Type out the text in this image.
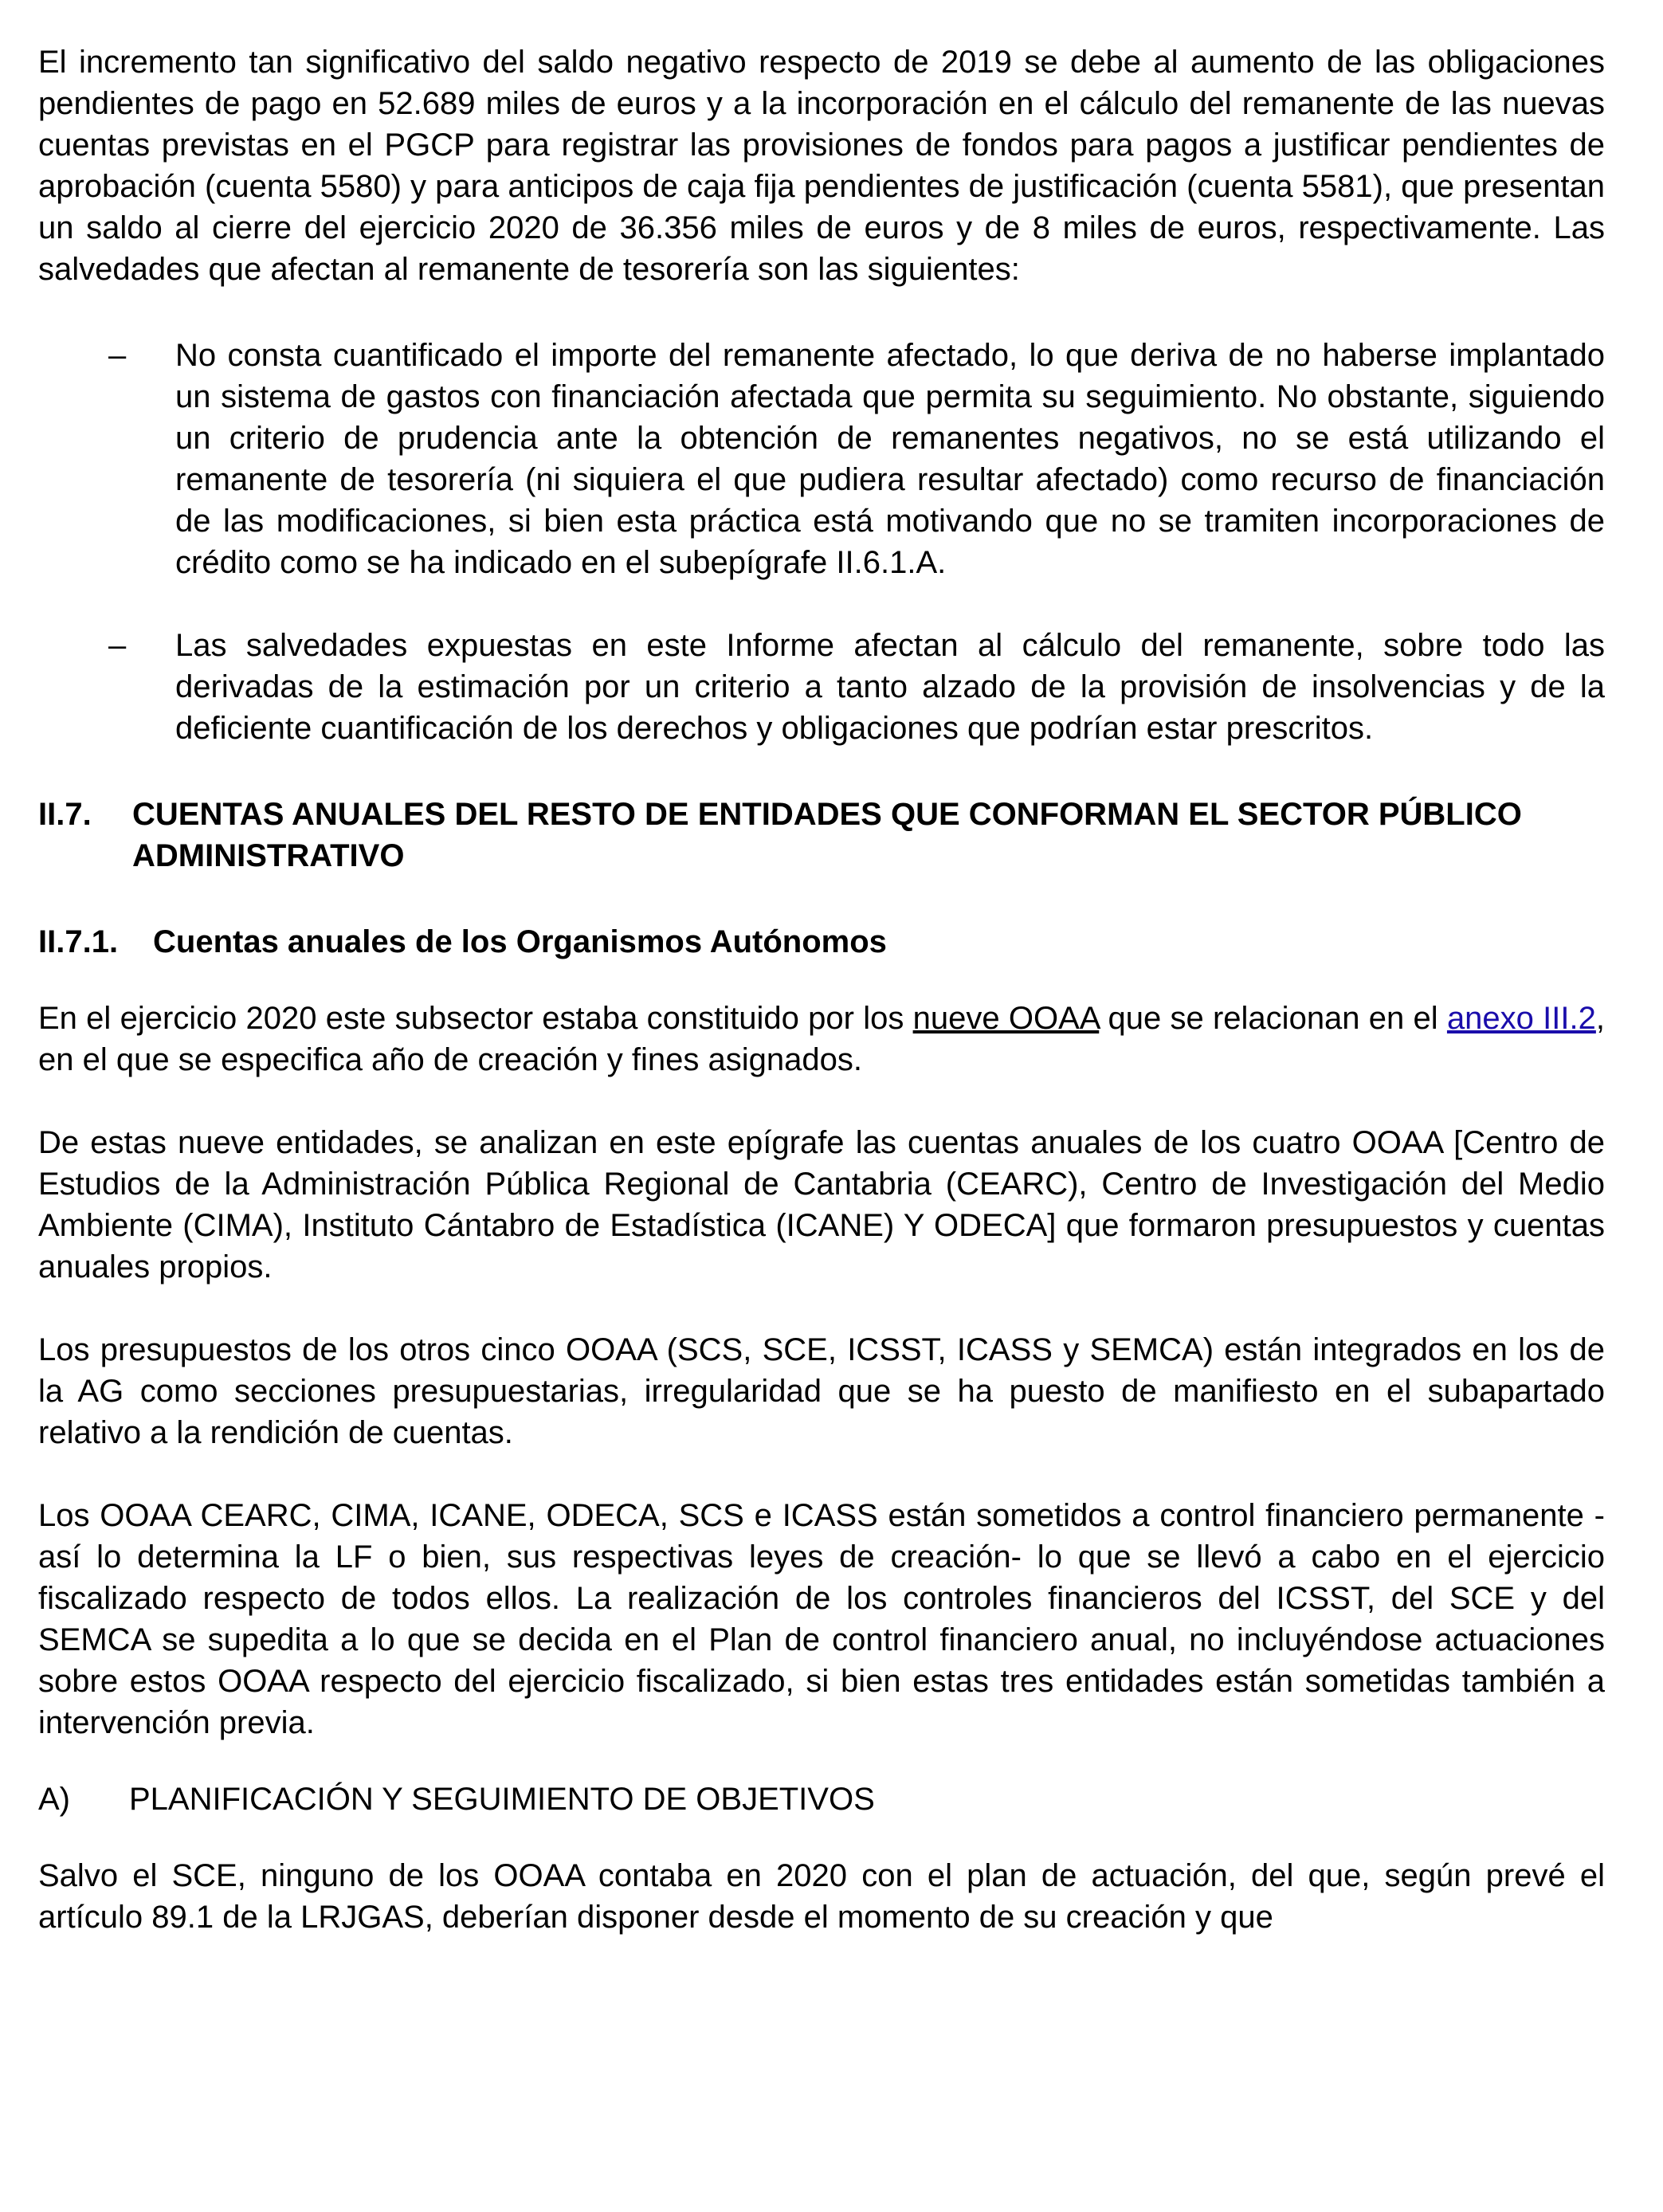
El incremento tan significativo del saldo negativo respecto de 2019 se debe al aumento de las obligaciones pendientes de pago en 52.689 miles de euros y a la incorporación en el cálculo del remanente de las nuevas cuentas previstas en el PGCP para registrar las provisiones de fondos para pagos a justificar pendientes de aprobación (cuenta 5580) y para anticipos de caja fija pendientes de justificación (cuenta 5581), que presentan un saldo al cierre del ejercicio 2020 de 36.356 miles de euros y de 8 miles de euros, respectivamente. Las salvedades que afectan al remanente de tesorería son las siguientes:

– No consta cuantificado el importe del remanente afectado, lo que deriva de no haberse implantado un sistema de gastos con financiación afectada que permita su seguimiento. No obstante, siguiendo un criterio de prudencia ante la obtención de remanentes negativos, no se está utilizando el remanente de tesorería (ni siquiera el que pudiera resultar afectado) como recurso de financiación de las modificaciones, si bien esta práctica está motivando que no se tramiten incorporaciones de crédito como se ha indicado en el subepígrafe II.6.1.A.

– Las salvedades expuestas en este Informe afectan al cálculo del remanente, sobre todo las derivadas de la estimación por un criterio a tanto alzado de la provisión de insolvencias y de la deficiente cuantificación de los derechos y obligaciones que podrían estar prescritos.

II.7. CUENTAS ANUALES DEL RESTO DE ENTIDADES QUE CONFORMAN EL SECTOR PÚBLICO ADMINISTRATIVO
II.7.1. Cuentas anuales de los Organismos Autónomos

En el ejercicio 2020 este subsector estaba constituido por los nueve OOAA que se relacionan en el anexo III.2, en el que se especifica año de creación y fines asignados.

De estas nueve entidades, se analizan en este epígrafe las cuentas anuales de los cuatro OOAA [Centro de Estudios de la Administración Pública Regional de Cantabria (CEARC), Centro de Investigación del Medio Ambiente (CIMA), Instituto Cántabro de Estadística (ICANE) Y ODECA] que formaron presupuestos y cuentas anuales propios.

Los presupuestos de los otros cinco OOAA (SCS, SCE, ICSST, ICASS y SEMCA) están integrados en los de la AG como secciones presupuestarias, irregularidad que se ha puesto de manifiesto en el subapartado relativo a la rendición de cuentas.

Los OOAA CEARC, CIMA, ICANE, ODECA, SCS e ICASS están sometidos a control financiero permanente -así lo determina la LF o bien, sus respectivas leyes de creación- lo que se llevó a cabo en el ejercicio fiscalizado respecto de todos ellos. La realización de los controles financieros del ICSST, del SCE y del SEMCA se supedita a lo que se decida en el Plan de control financiero anual, no incluyéndose actuaciones sobre estos OOAA respecto del ejercicio fiscalizado, si bien estas tres entidades están sometidas también a intervención previa.

A) PLANIFICACIÓN Y SEGUIMIENTO DE OBJETIVOS

Salvo el SCE, ninguno de los OOAA contaba en 2020 con el plan de actuación, del que, según prevé el artículo 89.1 de la LRJGAS, deberían disponer desde el momento de su creación y que
